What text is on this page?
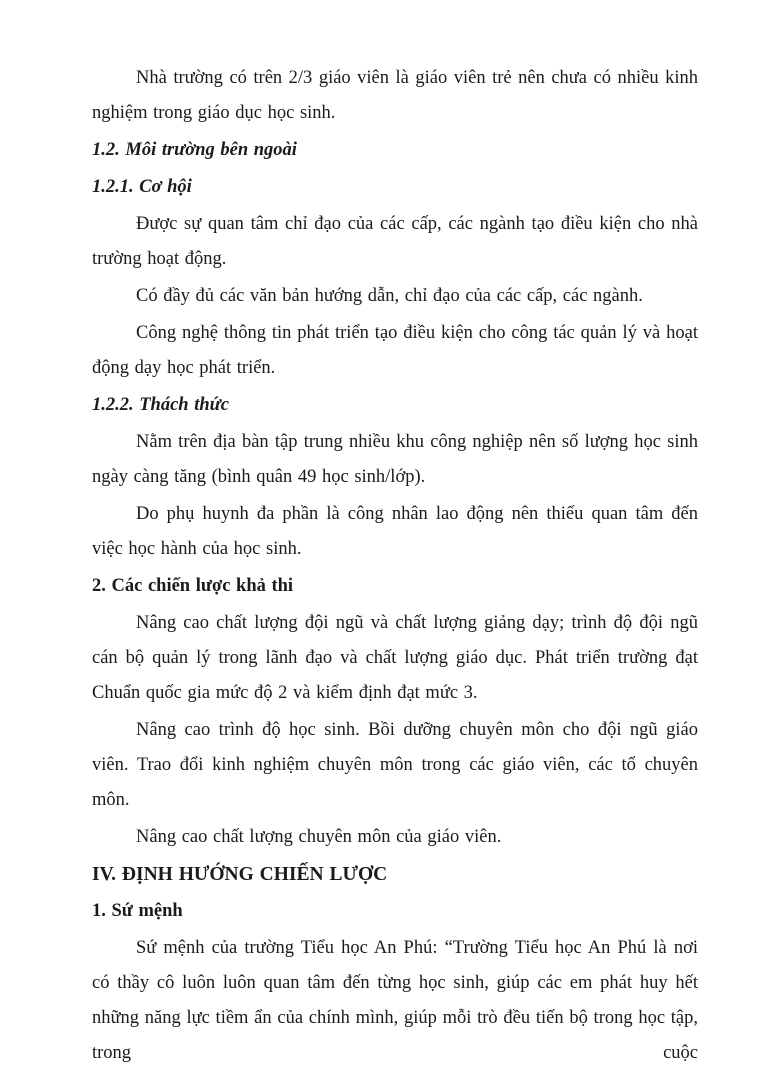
Nhà trường có trên 2/3 giáo viên là giáo viên trẻ nên chưa có nhiều kinh nghiệm trong giáo dục học sinh.

1.2. Môi trường bên ngoài

1.2.1. Cơ hội

Được sự quan tâm chỉ đạo của các cấp, các ngành tạo điều kiện cho nhà trường hoạt động.

Có đầy đủ các văn bản hướng dẫn, chỉ đạo của các cấp, các ngành.

Công nghệ thông tin phát triển tạo điều kiện cho công tác quản lý và hoạt động dạy học phát triển.

1.2.2. Thách thức

Nằm trên địa bàn tập trung nhiều khu công nghiệp nên số lượng học sinh ngày càng tăng (bình quân 49 học sinh/lớp).

Do phụ huynh đa phần là công nhân lao động nên thiếu quan tâm đến việc học hành của học sinh.

2. Các chiến lược khả thi

Nâng cao chất lượng đội ngũ và chất lượng giảng dạy; trình độ đội ngũ cán bộ quản lý trong lãnh đạo và chất lượng giáo dục. Phát triển trường đạt Chuẩn quốc gia mức độ 2 và kiểm định đạt mức 3.

Nâng cao trình độ học sinh. Bồi dưỡng chuyên môn cho đội ngũ giáo viên. Trao đổi kinh nghiệm chuyên môn trong các giáo viên, các tổ chuyên môn.

Nâng cao chất lượng chuyên môn của giáo viên.

IV. ĐỊNH HƯỚNG CHIẾN LƯỢC

1. Sứ mệnh

Sứ mệnh của trường Tiểu học An Phú: “Trường Tiểu học An Phú là nơi có thầy cô luôn luôn quan tâm đến từng học sinh, giúp các em phát huy hết những năng lực tiềm ẩn của chính mình, giúp mỗi trò đều tiến bộ trong học tập, trong cuộc
